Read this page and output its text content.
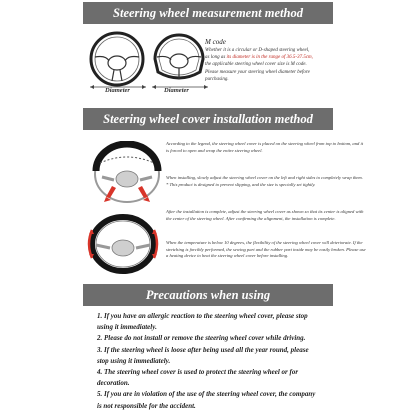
Steering wheel measurement method
Diameter	Diameter
M code
Whether it is a circular or D-shaped steering wheel,
as long as its diameter is in the range of 36.5-37.5cm,
the applicable steering wheel cover size is M code.
Please measure your steering wheel diameter before
purchasing.
Steering wheel cover installation method
According to the legend, the steering wheel cover is placed on the steering wheel from top to bottom, and it is forced to open and wrap the entire steering wheel.
When installing, slowly adjust the steering wheel cover on the left and right sides to completely wrap them. * This product is designed to prevent slipping, and the size is specially set tightly.
After the installation is complete, adjust the steering wheel cover as shown so that its center is aligned with the center of the steering wheel. After confirming the alignment, the installation is complete.
When the temperature is below 10 degrees, the flexibility of the steering wheel cover will deteriorate. If the stretching is forcibly performed, the sewing part and the rubber part inside may be easily broken. Please use a heating device to heat the steering wheel cover before installing.
Precautions when using
1. If you have an allergic reaction to the steering wheel cover, please stop
using it immediately.
2. Please do not install or remove the steering wheel cover while driving.
3. If the steering wheel is loose after being used all the year round, please
stop using it immediately.
4. The steering wheel cover is used to protect the steering wheel or for
decoration.
5. If you are in violation of the use of the steering wheel cover, the company
is not responsible for the accident.
